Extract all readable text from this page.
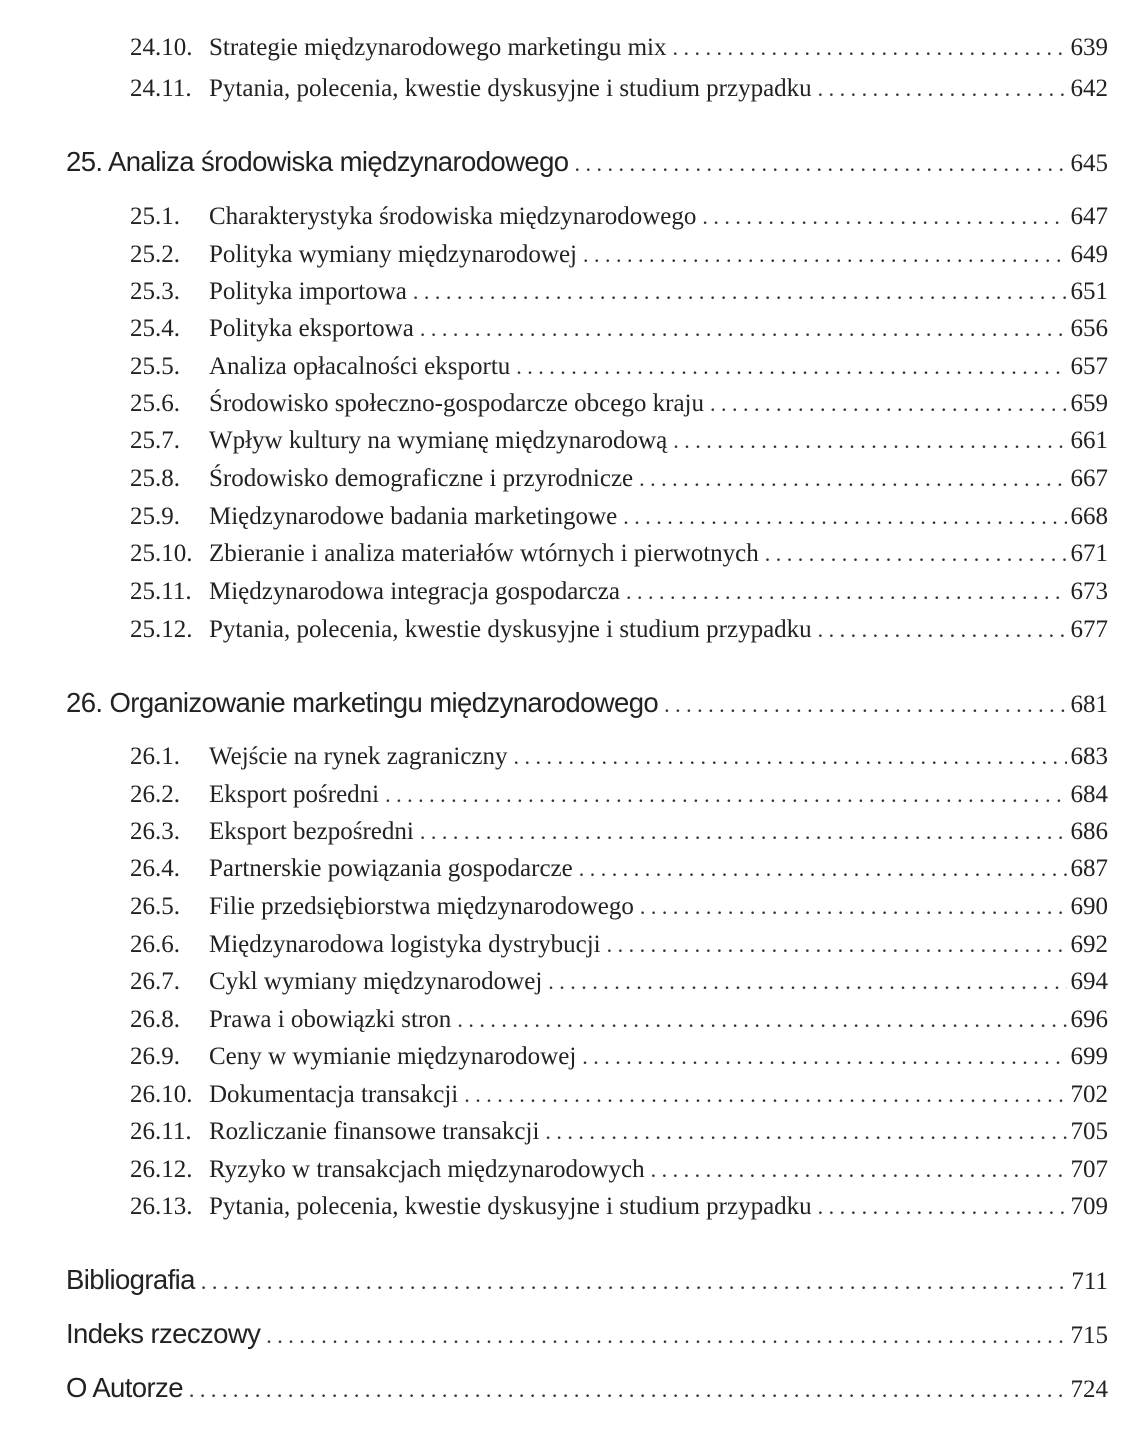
24.10. Strategie międzynarodowego marketingu mix . . .	639
24.11. Pytania, polecenia, kwestie dyskusyjne i studium przypadku . . .	642
25. Analiza środowiska międzynarodowego . . .	645
25.1.	Charakterystyka środowiska międzynarodowego . . .	647
25.2.	Polityka wymiany międzynarodowej . . .	649
25.3.	Polityka importowa . . .	651
25.4.	Polityka eksportowa . . .	656
25.5.	Analiza opłacalności eksportu . . .	657
25.6.	Środowisko społeczno-gospodarcze obcego kraju . . .	659
25.7.	Wpływ kultury na wymianę międzynarodową . . .	661
25.8.	Środowisko demograficzne i przyrodnicze . . .	667
25.9.	Międzynarodowe badania marketingowe . . .	668
25.10. Zbieranie i analiza materiałów wtórnych i pierwotnych . . .	671
25.11. Międzynarodowa integracja gospodarcza . . .	673
25.12. Pytania, polecenia, kwestie dyskusyjne i studium przypadku . . .	677
26. Organizowanie marketingu międzynarodowego . . .	681
26.1.	Wejście na rynek zagraniczny . . .	683
26.2.	Eksport pośredni . . .	684
26.3.	Eksport bezpośredni . . .	686
26.4.	Partnerskie powiązania gospodarcze . . .	687
26.5.	Filie przedsiębiorstwa międzynarodowego . . .	690
26.6.	Międzynarodowa logistyka dystrybucji . . .	692
26.7.	Cykl wymiany międzynarodowej . . .	694
26.8.	Prawa i obowiązki stron . . .	696
26.9.	Ceny w wymianie międzynarodowej . . .	699
26.10. Dokumentacja transakcji . . .	702
26.11. Rozliczanie finansowe transakcji . . .	705
26.12. Ryzyko w transakcjach międzynarodowych . . .	707
26.13. Pytania, polecenia, kwestie dyskusyjne i studium przypadku . . .	709
Bibliografia . . .	711
Indeks rzeczowy . . .	715
O Autorze . . .	724
